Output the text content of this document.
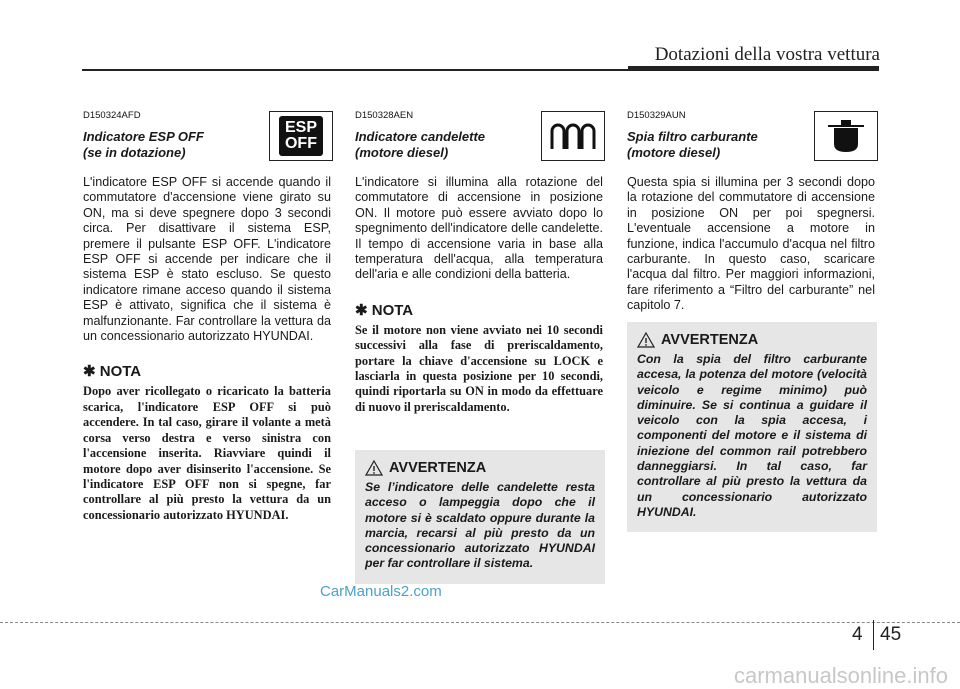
Dotazioni della vostra vettura
D150324AFD
Indicatore ESP OFF
(se in dotazione)
L'indicatore ESP OFF si accende quando il commutatore d'accensione viene girato su ON, ma si deve spegnere dopo 3 secondi circa. Per disattivare il sistema ESP, premere il pulsante ESP OFF. L'indicatore ESP OFF si accende per indicare che il sistema ESP è stato escluso. Se questo indicatore rimane acceso quando il sistema ESP è attivato, significa che il sistema è malfunzionante. Far controllare la vettura da un concessionario autorizzato HYUNDAI.
✱ NOTA
Dopo aver ricollegato o ricaricato la batteria scarica, l'indicatore ESP OFF si può accendere. In tal caso, girare il volante a metà corsa verso destra e verso sinistra con l'accensione inserita. Riavviare quindi il motore dopo aver disinserito l'accensione. Se l'indicatore ESP OFF non si spegne, far controllare al più presto la vettura da un concessionario autorizzato HYUNDAI.
ESP
OFF
D150328AEN
Indicatore candelette
(motore diesel)
L'indicatore si illumina alla rotazione del commutatore di accensione in posizione ON. Il motore può essere avviato dopo lo spegnimento dell'indicatore delle candelette. Il tempo di accensione varia in base alla temperatura dell'acqua, alla temperatura dell'aria e alle condizioni della batteria.
✱ NOTA
Se il motore non viene avviato nei 10 secondi successivi alla fase di preriscaldamento, portare la chiave d'accensione su LOCK e lasciarla in questa posizione per 10 secondi, quindi riportarla su ON in modo da effettuare di nuovo il preriscaldamento.
AVVERTENZA
Se l’indicatore delle candelette resta acceso o lampeggia dopo che il motore si è scaldato oppure durante la marcia, recarsi al più presto da un concessionario autorizzato HYUNDAI per far controllare il sistema.
D150329AUN
Spia filtro carburante
(motore diesel)
Questa spia si illumina per 3 secondi dopo la rotazione del commutatore di accensione in posizione ON per poi spegnersi. L'eventuale accensione a motore in funzione, indica l'accumulo d'acqua nel filtro carburante. In questo caso, scaricare l'acqua dal filtro. Per maggiori informazioni, fare riferimento a “Filtro del carburante” nel capitolo 7.
AVVERTENZA
Con la spia del filtro carburante accesa, la potenza del motore (velocità veicolo e regime minimo) può diminuire. Se si continua a guidare il veicolo con la spia accesa, i componenti del motore e il sistema di iniezione del common rail potrebbero danneggiarsi. In tal caso, far controllare al più presto la vettura da un concessionario autorizzato HYUNDAI.
CarManuals2.com
4 45
carmanualsonline.info
